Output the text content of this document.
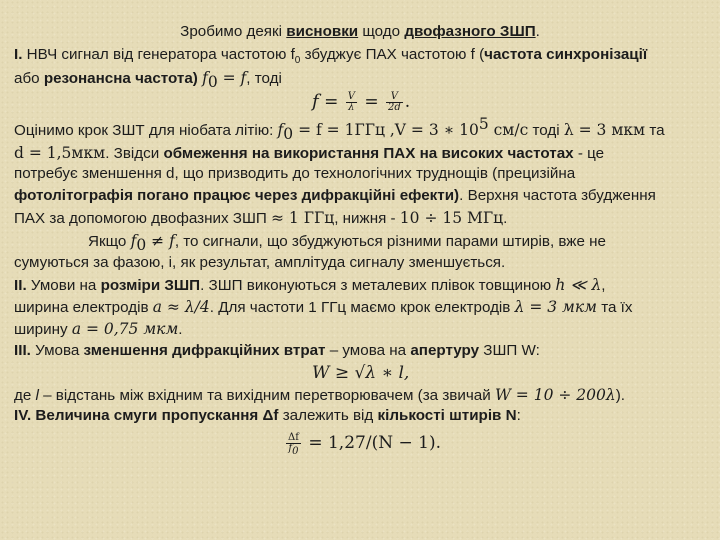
Зробимо деякі висновки щодо двофазного ЗШП.
I. НВЧ сигнал від генератора частотою $f_0$ збуджує ПАХ частотою f (частота синхронізації
або резонансна частота) $f_0 = f$, тоді
$f = \frac{V}{\lambda} = \frac{V}{2d}$ .
Оцінимо крок ЗШТ для ніобата літію: $f_0 = f = 1ГГц$ ,V = 3 ∗ $10^5$ см/с тоді λ = 3 мкм та
d = 1,5мкм. Звідси обмеження на використання ПАХ на високих частотах - це
потребує зменшення d, що призводить до технологічних труднощів (прецизійна
фотолітографія погано працює через дифракційні ефекти). Верхня частота збудження
ПАХ за допомогою двофазних ЗШП ≈ 1 ГГц, нижня - 10 ÷ 15 МГц.
Якщо $f_0 \ne f$, то сигнали, що збуджуються різними парами штирів, вже не
сумуються за фазою, і, як результат, амплітуда сигналу зменшується.
II. Умови на розміри ЗШП. ЗШП виконуються з металевих плівок товщиною h ≪ λ,
ширина електродів a ≈ λ/4. Для частоти 1 ГГц маємо крок електродів λ = 3 мкм та їх
ширину a = 0,75 мкм.
III. Умова зменшення дифракційних втрат – умова на апертуру ЗШП W:
W ≥ √λ ∗ l,
де l – відстань між вхідним та вихідним перетворювачем (за звичай W = 10 ÷ 200λ).
IV. Величина смуги пропускання Δf залежить від кількості штирів N:
$\frac{\Delta f}{f_0} = 1,27/(N - 1)$.
